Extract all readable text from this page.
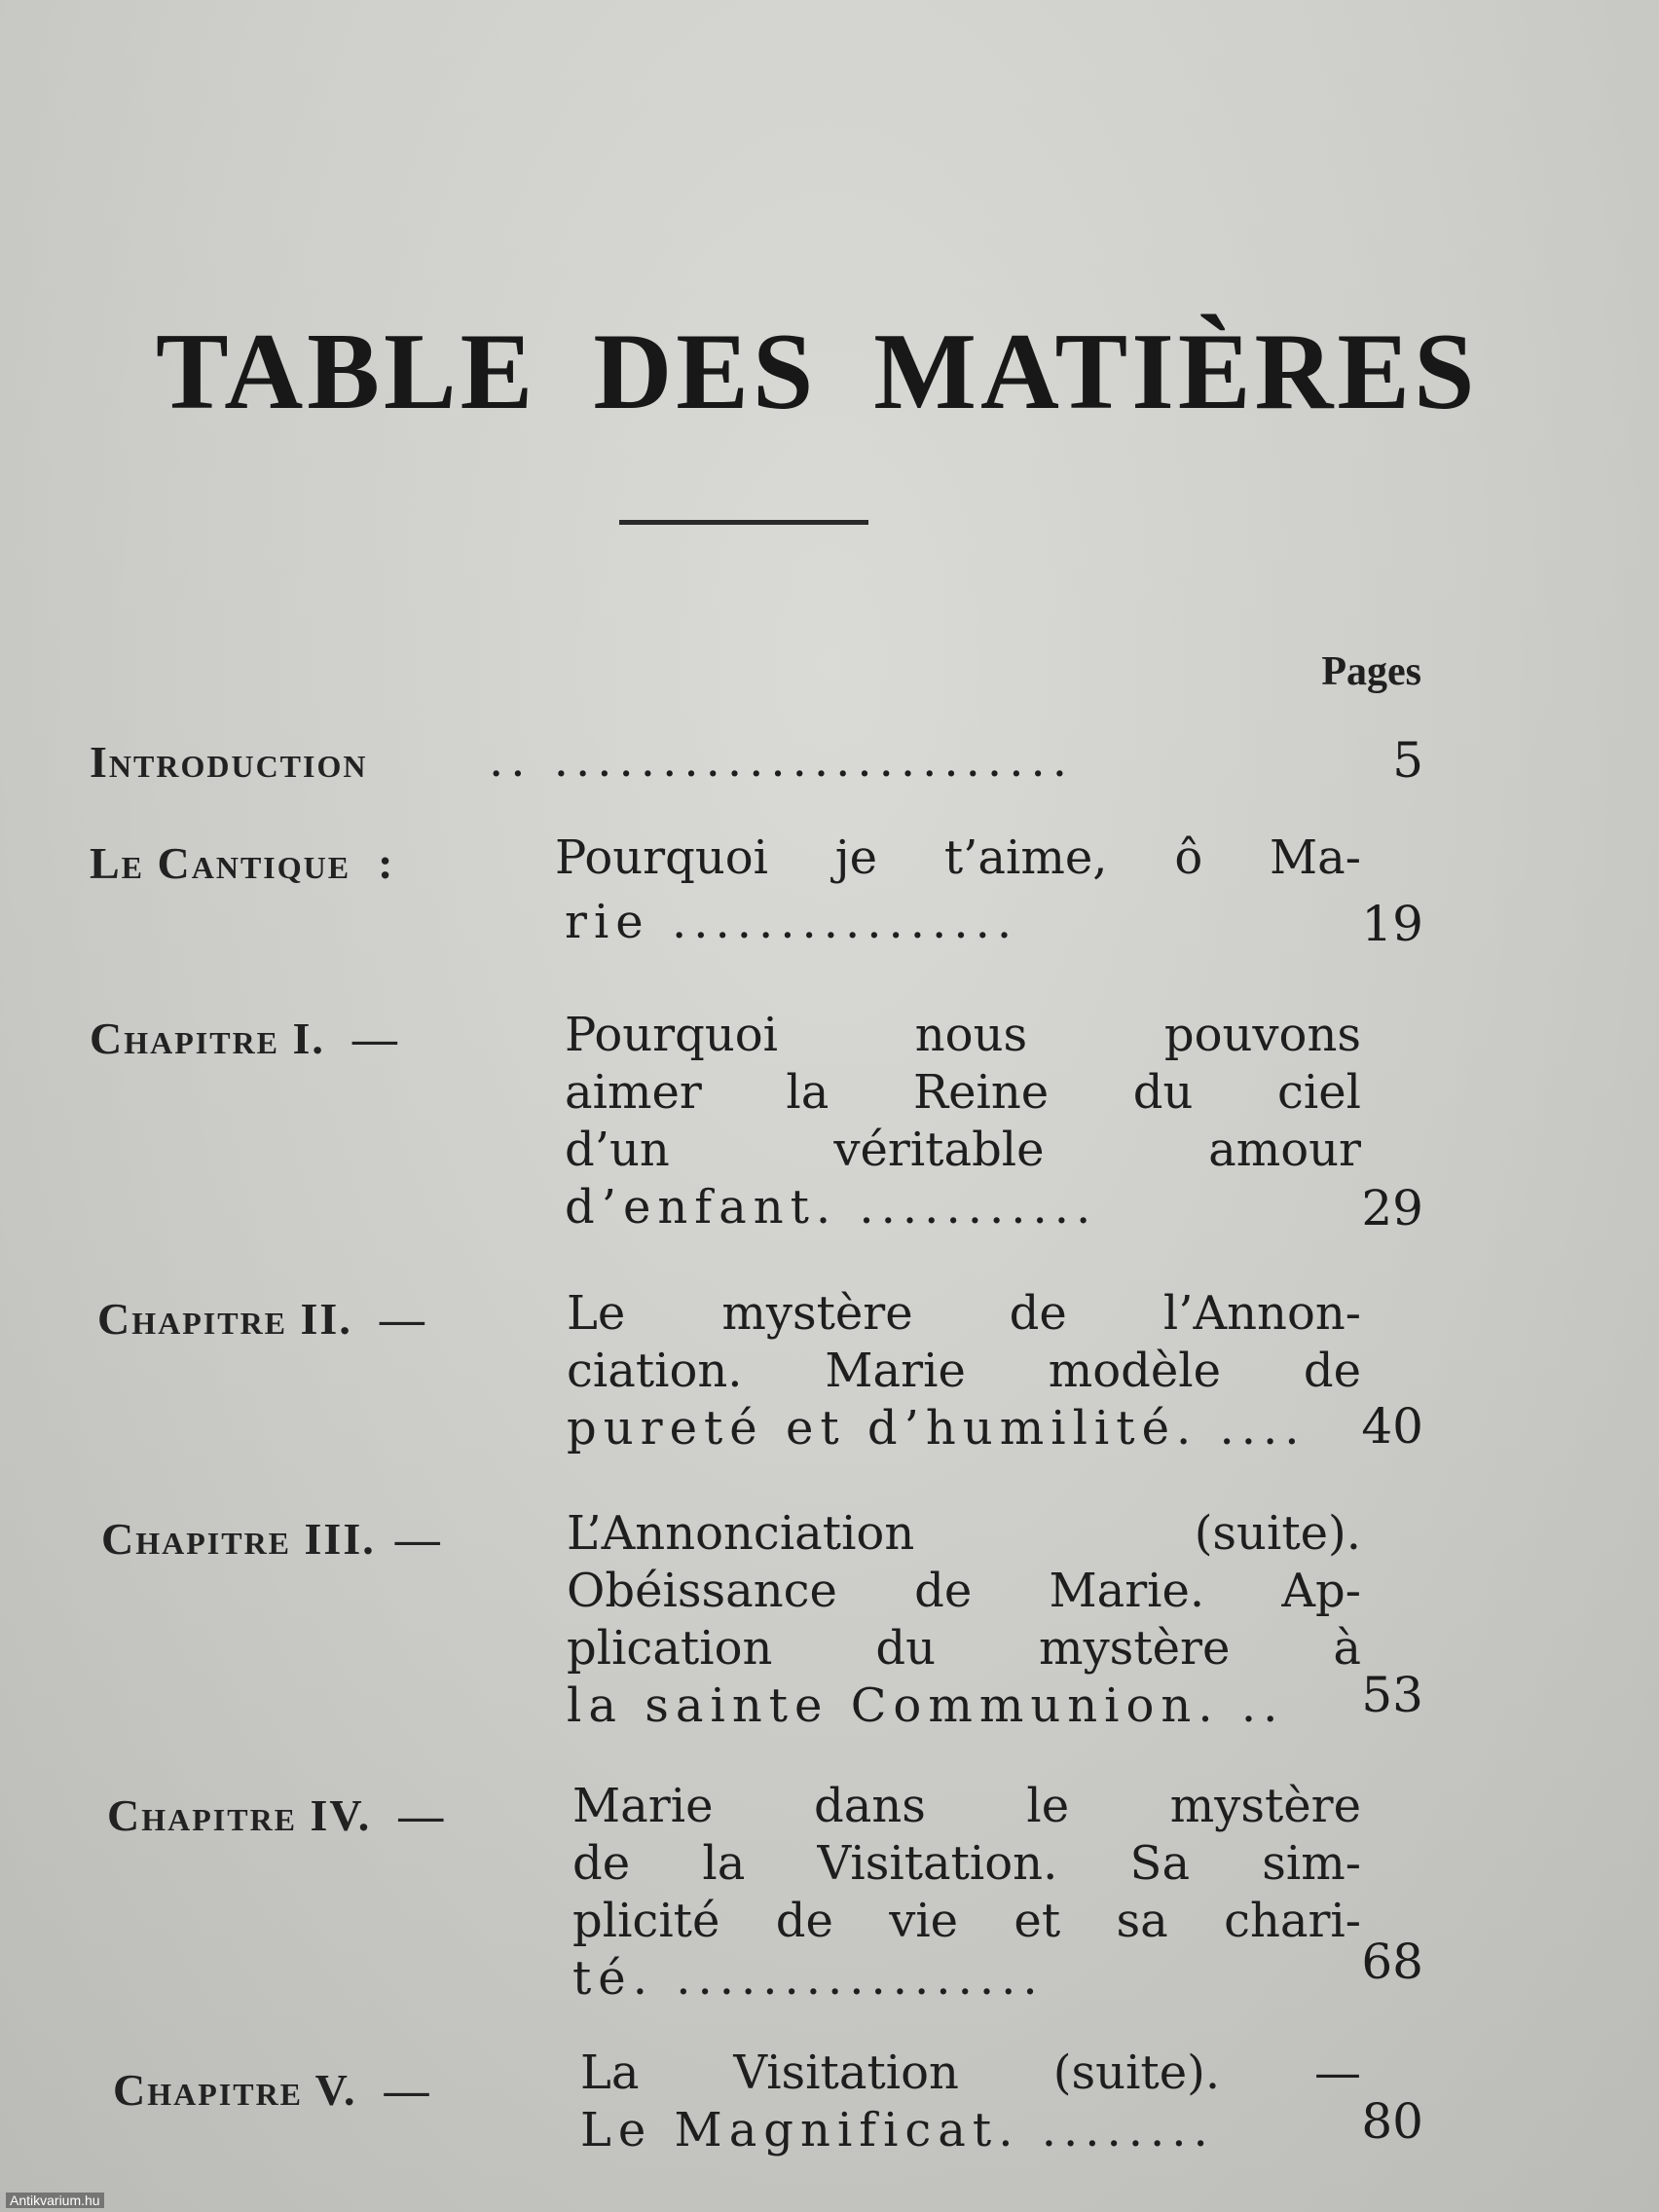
TABLE DES MATIÈRES
Pages
Introduction	.. ........................	5
Le Cantique :	Pourquoi je t’aime, ô Ma-
rie ................	19
Chapitre I. —	Pourquoi nous pouvons
aimer la Reine du ciel
d’un véritable amour
d’enfant. ...........	29
Chapitre II. —	Le mystère de l’Annon-
ciation. Marie modèle de
pureté et d’humilité. ....	40
Chapitre III. —	L’Annonciation (suite).
Obéissance de Marie. Ap-
plication du mystère à
la sainte Communion. ..	53
Chapitre IV. —	Marie dans le mystère
de la Visitation. Sa sim-
plicité de vie et sa chari-
té. .................	68
Chapitre V. —	La Visitation (suite). —
Le Magnificat. ........	80
Antikvarium.hu
